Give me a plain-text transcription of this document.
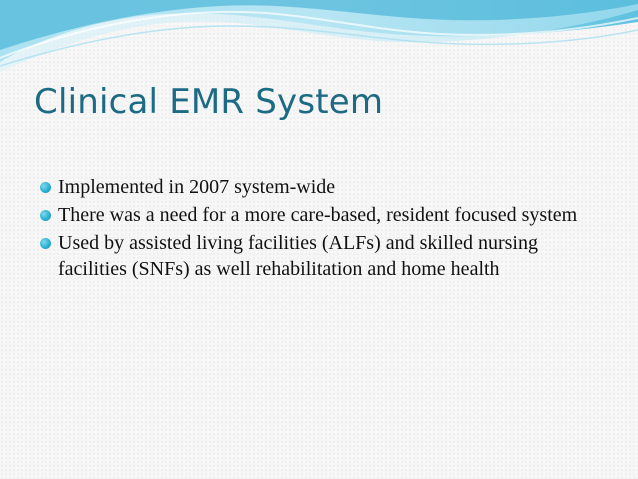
Clinical EMR System
Implemented in 2007 system-wide
There was a need for a more care-based, resident focused system
Used by assisted living facilities (ALFs) and skilled nursing facilities (SNFs) as well rehabilitation and home health
